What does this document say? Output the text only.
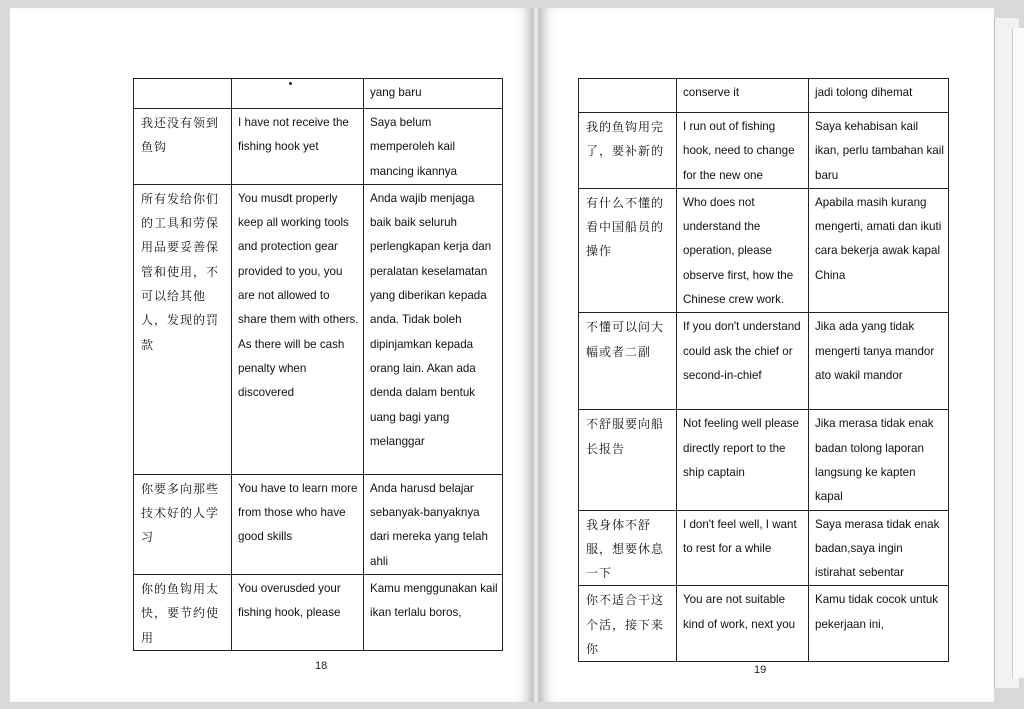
		yang baru
我还没有领到鱼钩	I have not receive the fishing hook yet	Saya belum memperoleh kail mancing ikannya
所有发给你们的工具和劳保用品要妥善保管和使用，不可以给其他人，发现的罚款	You musdt properly keep all working tools and protection gear provided to you, you are not allowed to share them with others. As there will be cash penalty when discovered	Anda wajib menjaga baik baik seluruh perlengkapan kerja dan peralatan keselamatan yang diberikan kepada anda. Tidak boleh dipinjamkan kepada orang lain. Akan ada denda dalam bentuk uang bagi yang melanggar
你要多向那些技术好的人学习	You have to learn more from those who have good skills	Anda harusd belajar sebanyak-banyaknya dari mereka yang telah ahli
你的鱼钩用太快，要节约使用	You overusded your fishing hook, please	Kamu menggunakan kail ikan terlalu boros,
18
	conserve it	jadi tolong dihemat
我的鱼钩用完了，要补新的	I run out of fishing hook, need to change for the new one	Saya kehabisan kail ikan, perlu tambahan kail baru
有什么不懂的看中国船员的操作	Who does not understand the operation, please observe first, how the Chinese crew work.	Apabila masih kurang mengerti, amati dan ikuti cara bekerja awak kapal China
不懂可以问大幅或者二副	If you don't understand could ask the chief or second-in-chief	Jika ada yang tidak mengerti tanya mandor ato wakil mandor
不舒服要向船长报告	Not feeling well please directly report to the ship captain	Jika merasa tidak enak badan tolong laporan langsung ke kapten kapal
我身体不舒服，想要休息一下	I don't feel well, I want to rest for a while	Saya merasa tidak enak badan,saya ingin istirahat sebentar
你不适合干这个活，接下来你	You are not suitable kind of work, next you	Kamu tidak cocok untuk pekerjaan ini,
19
